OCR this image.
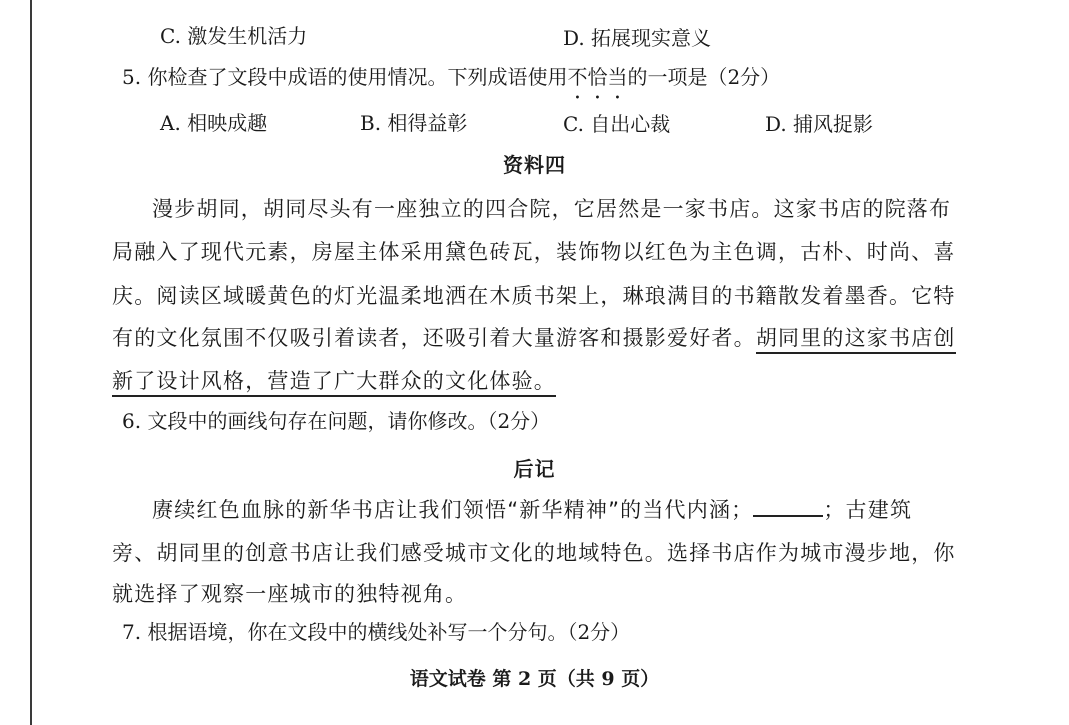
C. 激发生机活力	D. 拓展现实意义
5. 你检查了文段中成语的使用情况。下列成语使用不恰当的一项是（2分）
A. 相映成趣	B. 相得益彰	C. 自出心裁	D. 捕风捉影
资料四
漫步胡同，胡同尽头有一座独立的四合院，它居然是一家书店。这家书店的院落布
局融入了现代元素，房屋主体采用黛色砖瓦，装饰物以红色为主色调，古朴、时尚、喜
庆。阅读区域暖黄色的灯光温柔地洒在木质书架上，琳琅满目的书籍散发着墨香。它特
有的文化氛围不仅吸引着读者，还吸引着大量游客和摄影爱好者。胡同里的这家书店创
新了设计风格，营造了广大群众的文化体验。
6. 文段中的画线句存在问题，请你修改。（2分）
后记
赓续红色血脉的新华书店让我们领悟“新华精神”的当代内涵；	；古建筑
旁、胡同里的创意书店让我们感受城市文化的地域特色。选择书店作为城市漫步地，你
就选择了观察一座城市的独特视角。
7. 根据语境，你在文段中的横线处补写一个分句。（2分）
语文试卷 第 2 页（共 9 页）
